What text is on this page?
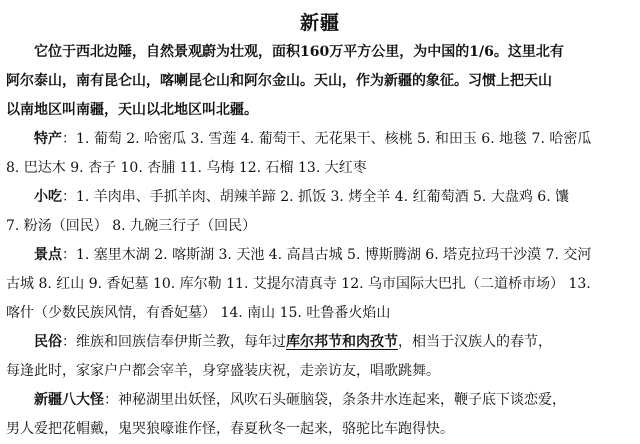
新疆
它位于西北边陲，自然景观蔚为壮观，面积160万平方公里，为中国的1/6。这里北有
阿尔泰山，南有昆仑山，喀喇昆仑山和阿尔金山。天山，作为新疆的象征。习惯上把天山
以南地区叫南疆，天山以北地区叫北疆。
特产：1. 葡萄 2. 哈密瓜 3. 雪莲 4. 葡萄干、无花果干、核桃 5. 和田玉 6. 地毯 7. 哈密瓜
8. 巴达木 9. 杏子 10. 杏脯 11. 乌梅 12. 石榴 13. 大红枣
小吃：1. 羊肉串、手抓羊肉、胡辣羊蹄 2. 抓饭 3. 烤全羊 4. 红葡萄酒 5. 大盘鸡 6. 馕
7. 粉汤（回民） 8. 九碗三行子（回民）
景点：1. 塞里木湖 2. 喀斯湖 3. 天池 4. 高昌古城 5. 博斯腾湖 6. 塔克拉玛干沙漠 7. 交河
古城 8. 红山 9. 香妃墓 10. 库尔勒 11. 艾提尔清真寺 12. 乌市国际大巴扎（二道桥市场） 13.
喀什（少数民族风情，有香妃墓） 14. 南山 15. 吐鲁番火焰山
民俗：维族和回族信奉伊斯兰教，每年过库尔邦节和肉孜节，相当于汉族人的春节，
每逢此时，家家户户都会宰羊，身穿盛装庆祝，走亲访友，唱歌跳舞。
新疆八大怪：神秘湖里出妖怪，风吹石头砸脑袋，条条井水连起来，鞭子底下谈恋爱，
男人爱把花帽戴，鬼哭狼嚎谁作怪，春夏秋冬一起来，骆驼比车跑得快。
